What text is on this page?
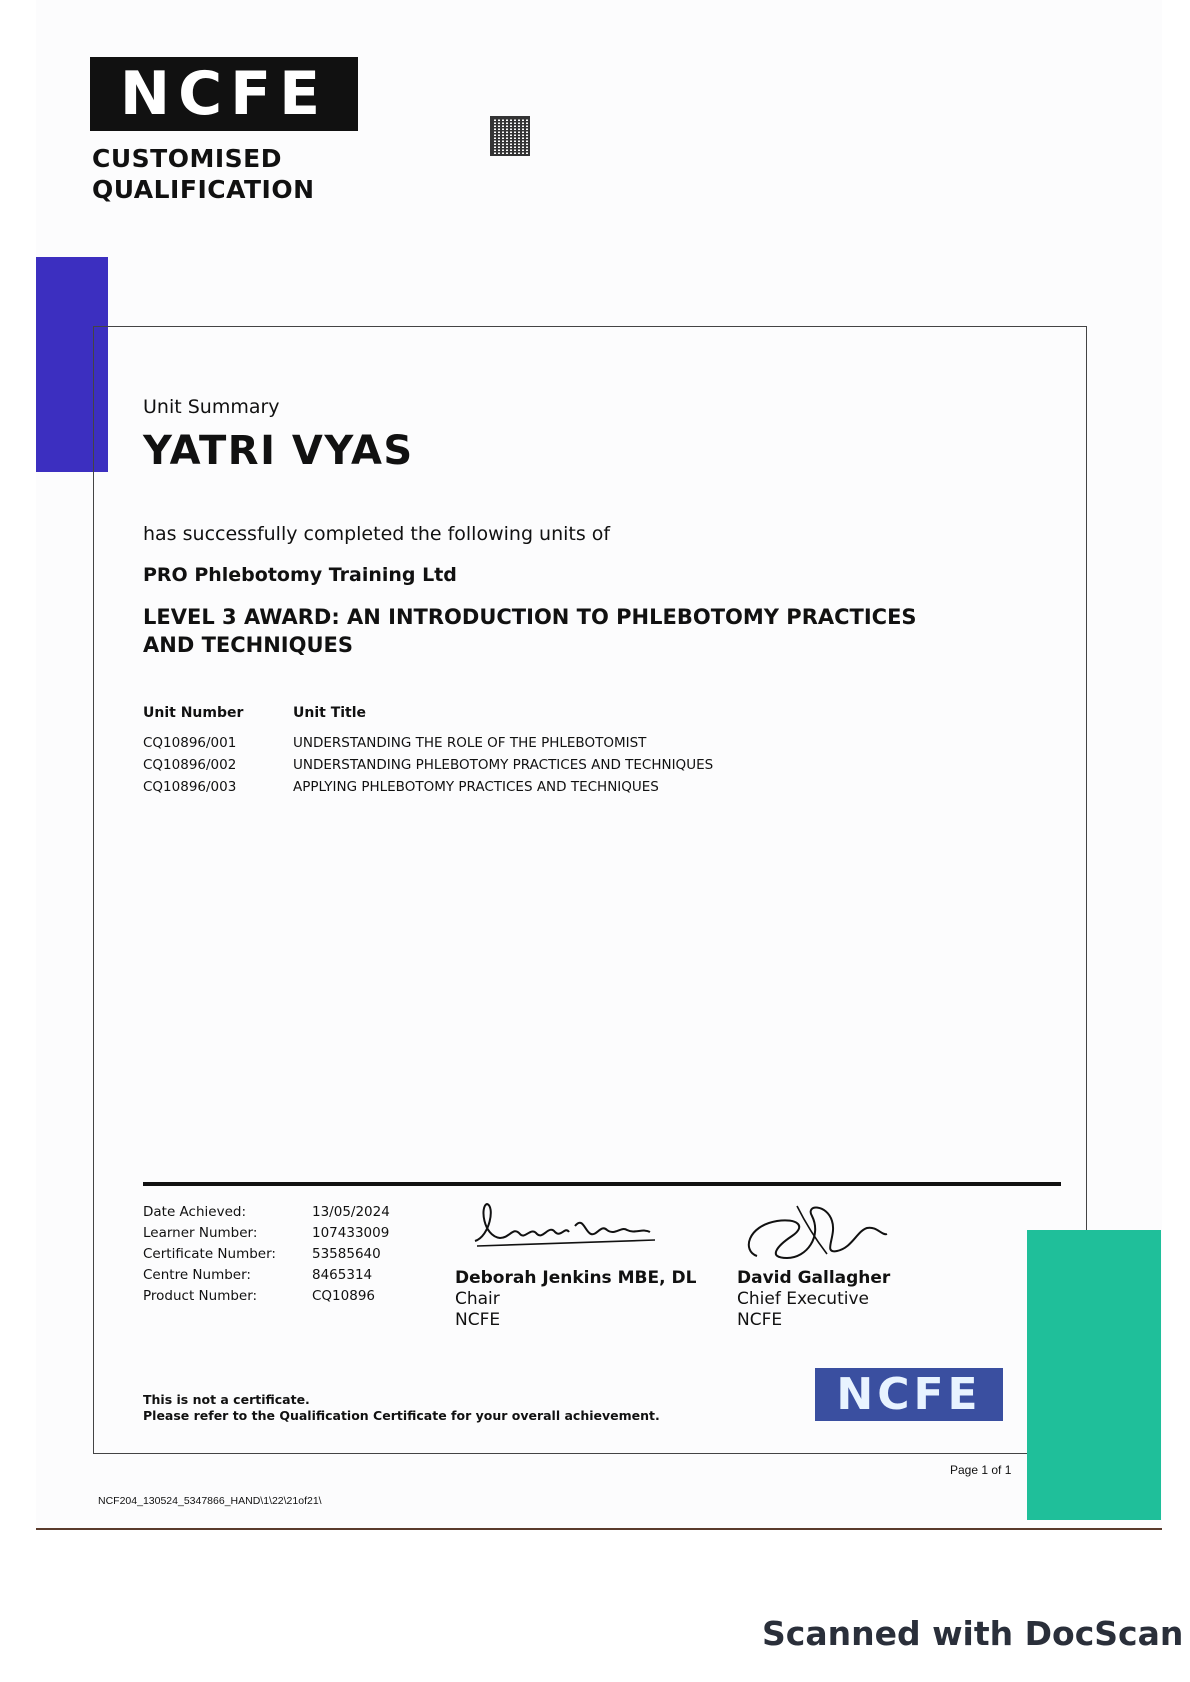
NCFE
CUSTOMISED
QUALIFICATION
Unit Summary
YATRI VYAS
has successfully completed the following units of
PRO Phlebotomy Training Ltd
LEVEL 3 AWARD: AN INTRODUCTION TO PHLEBOTOMY PRACTICES AND TECHNIQUES
Unit Number	Unit Title
CQ10896/001	UNDERSTANDING THE ROLE OF THE PHLEBOTOMIST
CQ10896/002	UNDERSTANDING PHLEBOTOMY PRACTICES AND TECHNIQUES
CQ10896/003	APPLYING PHLEBOTOMY PRACTICES AND TECHNIQUES
Date Achieved:	13/05/2024
Learner Number:	107433009
Certificate Number:	53585640
Centre Number:	8465314
Product Number:	CQ10896
Deborah Jenkins MBE, DL
Chair
NCFE
David Gallagher
Chief Executive
NCFE
This is not a certificate.
Please refer to the Qualification Certificate for your overall achievement.	NCFE
Page 1 of 1
NCF204_130524_5347866_HAND\1\22\21of21\
Scanned with DocScan
